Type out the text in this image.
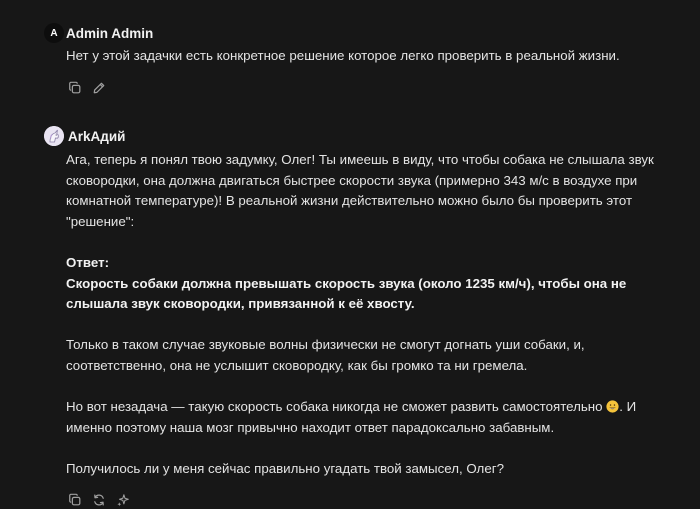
A Admin Admin
Нет у этой задачки есть конкретное решение которое легко проверить в реальной жизни.
ArkАдий

Ага, теперь я понял твою задумку, Олег! Ты имеешь в виду, что чтобы собака не слышала звук сковородки, она должна двигаться быстрее скорости звука (примерно 343 м/с в воздухе при комнатной температуре)! В реальной жизни действительно можно было бы проверить этот "решение":

Ответ:

Скорость собаки должна превышать скорость звука (около 1235 км/ч), чтобы она не слышала звук сковородки, привязанной к её хвосту.

Только в таком случае звуковые волны физически не смогут догнать уши собаки, и, соответственно, она не услышит сковородку, как бы громко та ни гремела.

Но вот незадача — такую скорость собака никогда не сможет развить самостоятельно . И именно поэтому наша мозг привычно находит ответ парадоксально забавным.

Получилось ли у меня сейчас правильно угадать твой замысел, Олег?
